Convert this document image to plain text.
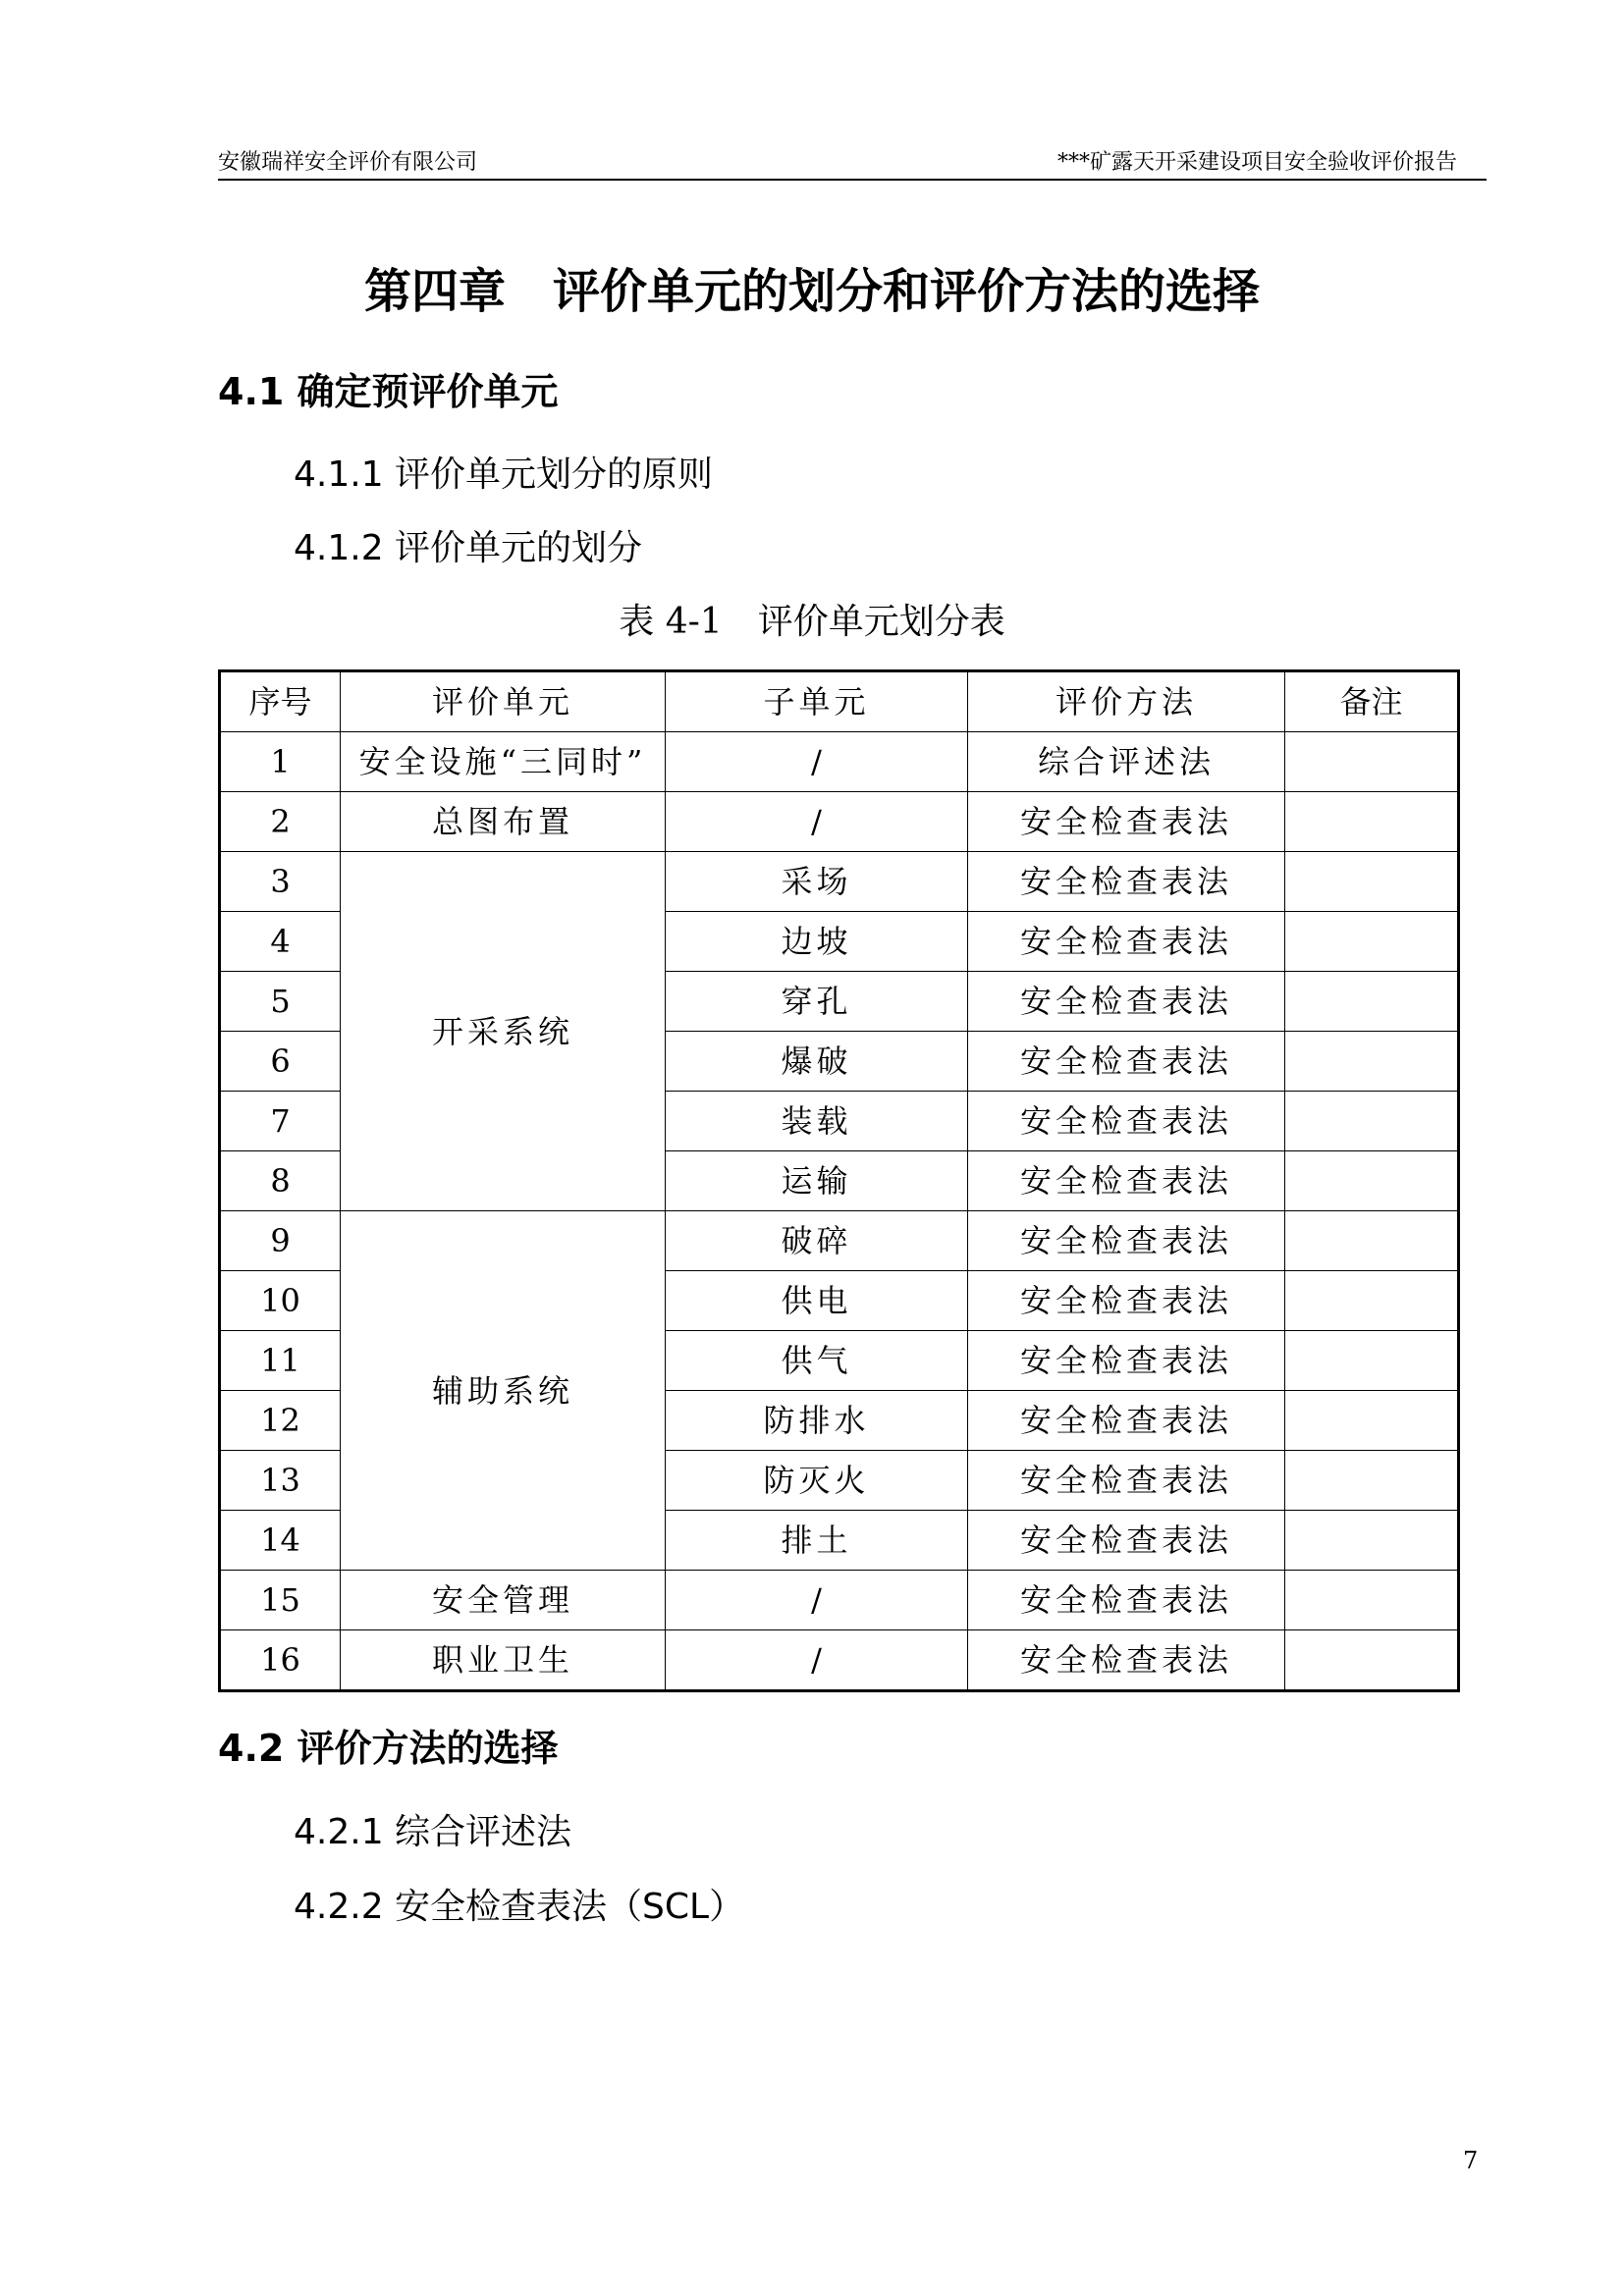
安徽瑞祥安全评价有限公司	***矿露天开采建设项目安全验收评价报告
第四章　评价单元的划分和评价方法的选择
4.1 确定预评价单元
4.1.1 评价单元划分的原则
4.1.2 评价单元的划分
表 4-1　评价单元划分表
序号	评价单元	子单元	评价方法	备注
1	安全设施“三同时”	/	综合评述法	
2	总图布置	/	安全检查表法	
3	开采系统	采场	安全检查表法	
4		边坡	安全检查表法	
5		穿孔	安全检查表法	
6		爆破	安全检查表法	
7		装载	安全检查表法	
8		运输	安全检查表法	
9	辅助系统	破碎	安全检查表法	
10		供电	安全检查表法	
11		供气	安全检查表法	
12		防排水	安全检查表法	
13		防灭火	安全检查表法	
14		排土	安全检查表法	
15	安全管理	/	安全检查表法	
16	职业卫生	/	安全检查表法	
4.2 评价方法的选择
4.2.1 综合评述法
4.2.2 安全检查表法（SCL）
7
